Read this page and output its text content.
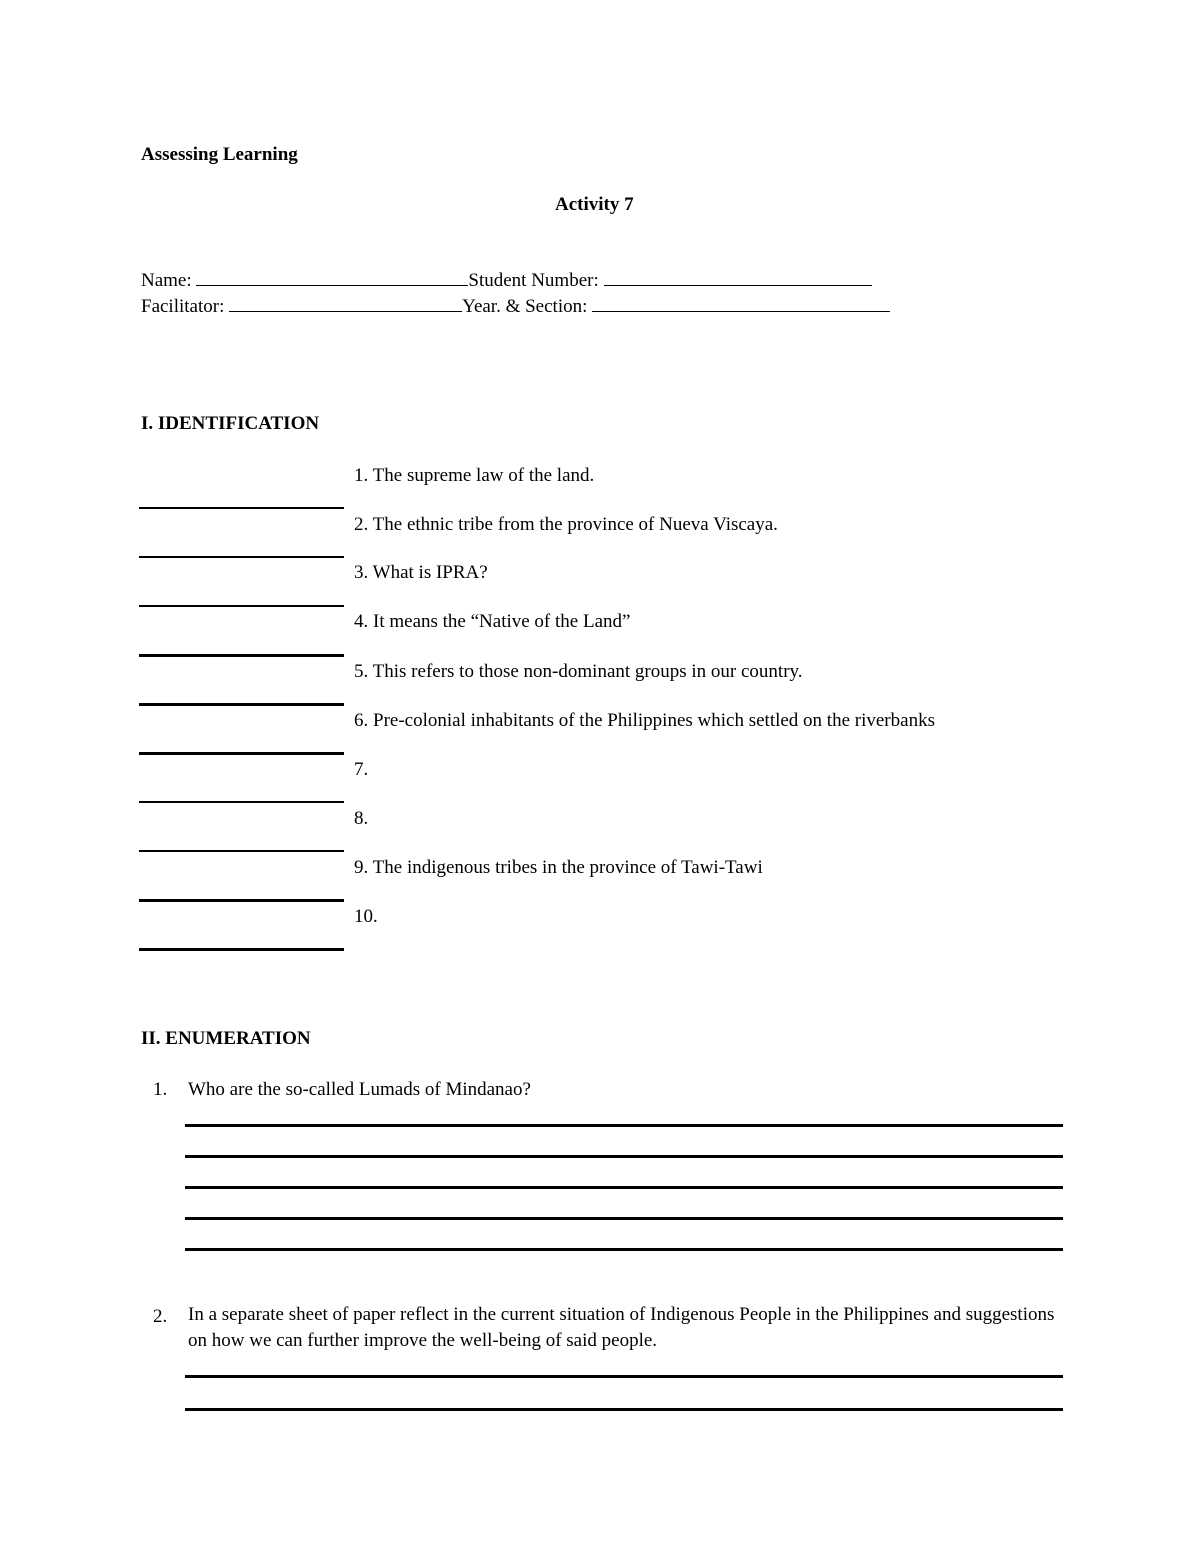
Assessing Learning
Activity 7
Name:	Student Number:
Facilitator:	Year. & Section:
I. IDENTIFICATION
1. The supreme law of the land.
2. The ethnic tribe from the province of Nueva Viscaya.
3. What is IPRA?
4. It means the “Native of the Land”
5. This refers to those non-dominant groups in our country.
6. Pre-colonial inhabitants of the Philippines which settled on the riverbanks
7.
8.
9. The indigenous tribes in the province of Tawi-Tawi
10.
II. ENUMERATION
1. Who are the so-called Lumads of Mindanao?
2. In a separate sheet of paper reflect in the current situation of Indigenous People in the Philippines and suggestions on how we can further improve the well-being of said people.
